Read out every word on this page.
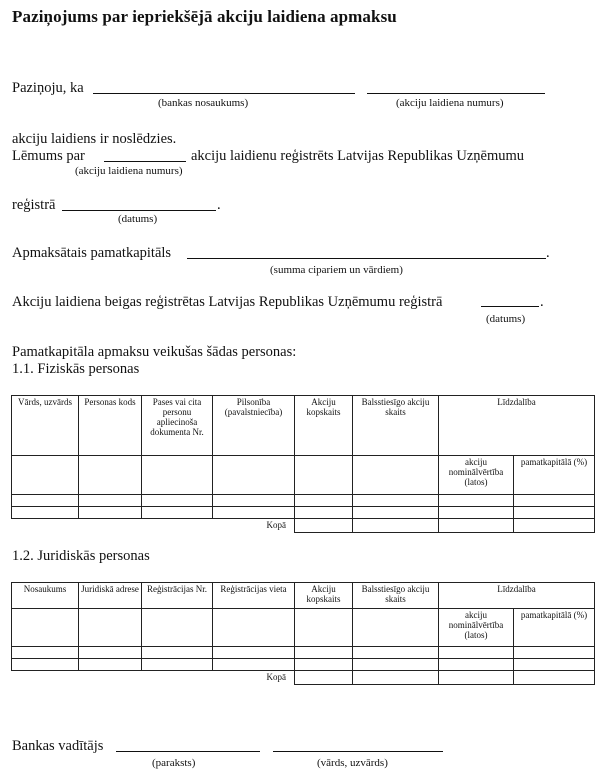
Paziņojums par iepriekšējā akciju laidiena apmaksu
Paziņoju, ka
(bankas nosaukums)	(akciju laidiena numurs)
akciju laidiens ir noslēdzies.
Lēmums par	akciju laidienu reģistrēts Latvijas Republikas Uzņēmumu
(akciju laidiena numurs)
reģistrā	.
(datums)
Apmaksātais pamatkapitāls	.
(summa cipariem un vārdiem)
Akciju laidiena beigas reģistrētas Latvijas Republikas Uzņēmumu reģistrā	.
(datums)
Pamatkapitāla apmaksu veikušas šādas personas:
1.1. Fiziskās personas
Vārds, uzvārds	Personas kods	Pases vai cita personu apliecinoša dokumenta Nr.	Pilsonība (pavalstniecība)	Akciju kopskaits	Balsstiesīgo akciju skaits	Līdzdalība	
						akciju nominālvērtība (latos)	pamatkapitālā (%)

Kopā							
1.2. Juridiskās personas
Nosaukums	Juridiskā adrese	Reģistrācijas Nr.	Reģistrācijas vieta	Akciju kopskaits	Balsstiesīgo akciju skaits	Līdzdalība	
						akciju nominālvērtība (latos)	pamatkapitālā (%)

Kopā							
Bankas vadītājs
(paraksts)	(vārds, uzvārds)
